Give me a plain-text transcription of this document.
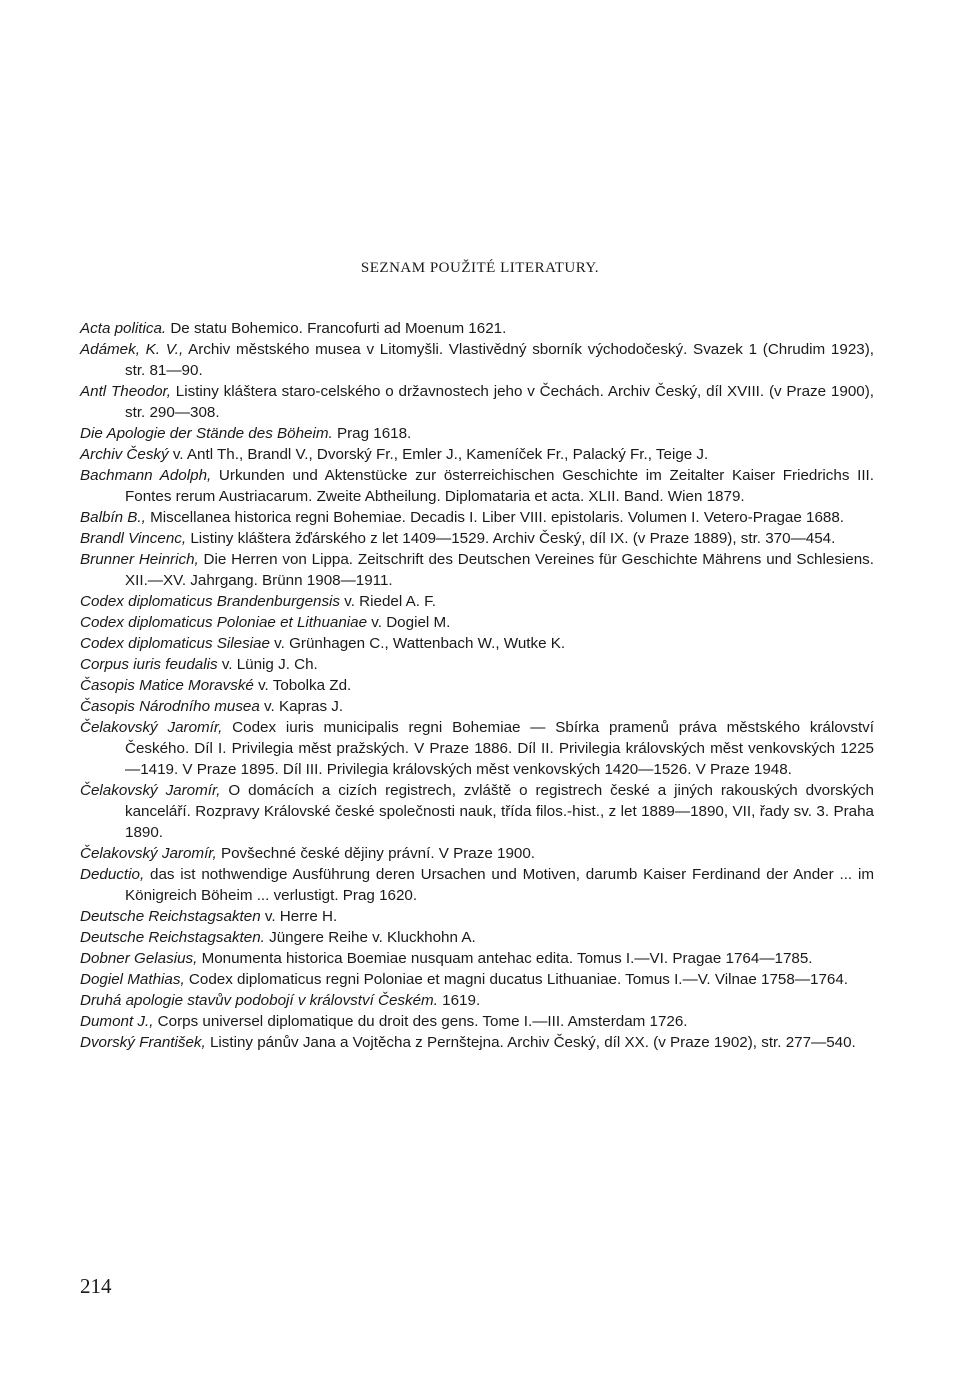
SEZNAM POUŽITÉ LITERATURY.

Acta politica. De statu Bohemico. Francofurti ad Moenum 1621.

Adámek, K. V., Archiv městského musea v Litomyšli. Vlastivědný sborník východočeský. Svazek 1 (Chrudim 1923), str. 81—90.

Antl Theodor, Listiny kláštera staro-celského o državnostech jeho v Čechách. Archiv Český, díl XVIII. (v Praze 1900), str. 290—308.

Die Apologie der Stände des Böheim. Prag 1618.

Archiv Český v. Antl Th., Brandl V., Dvorský Fr., Emler J., Kameníček Fr., Palacký Fr., Teige J.

Bachmann Adolph, Urkunden und Aktenstücke zur österreichischen Geschichte im Zeitalter Kaiser Friedrichs III. Fontes rerum Austriacarum. Zweite Abtheilung. Diplomataria et acta. XLII. Band. Wien 1879.

Balbín B., Miscellanea historica regni Bohemiae. Decadis I. Liber VIII. epistolaris. Volumen I. Vetero-Pragae 1688.

Brandl Vincenc, Listiny kláštera žďárského z let 1409—1529. Archiv Český, díl IX. (v Praze 1889), str. 370—454.

Brunner Heinrich, Die Herren von Lippa. Zeitschrift des Deutschen Vereines für Geschichte Mährens und Schlesiens. XII.—XV. Jahrgang. Brünn 1908—1911.

Codex diplomaticus Brandenburgensis v. Riedel A. F.

Codex diplomaticus Poloniae et Lithuaniae v. Dogiel M.

Codex diplomaticus Silesiae v. Grünhagen C., Wattenbach W., Wutke K.

Corpus iuris feudalis v. Lünig J. Ch.

Časopis Matice Moravské v. Tobolka Zd.

Časopis Národního musea v. Kapras J.

Čelakovský Jaromír, Codex iuris municipalis regni Bohemiae — Sbírka pramenů práva městského království Českého. Díl I. Privilegia měst pražských. V Praze 1886. Díl II. Privilegia královských měst venkovských 1225—1419. V Praze 1895. Díl III. Privilegia královských měst venkovských 1420—1526. V Praze 1948.

Čelakovský Jaromír, O domácích a cizích registrech, zvláště o registrech české a jiných rakouských dvorských kanceláří. Rozpravy Královské české společnosti nauk, třída filos.-hist., z let 1889—1890, VII, řady sv. 3. Praha 1890.

Čelakovský Jaromír, Povšechné české dějiny právní. V Praze 1900.

Deductio, das ist nothwendige Ausführung deren Ursachen und Motiven, darumb Kaiser Ferdinand der Ander ... im Königreich Böheim ... verlustigt. Prag 1620.

Deutsche Reichstagsakten v. Herre H.

Deutsche Reichstagsakten. Jüngere Reihe v. Kluckhohn A.

Dobner Gelasius, Monumenta historica Boemiae nusquam antehac edita. Tomus I.—VI. Pragae 1764—1785.

Dogiel Mathias, Codex diplomaticus regni Poloniae et magni ducatus Lithuaniae. Tomus I.—V. Vilnae 1758—1764.

Druhá apologie stavův podobojí v království Českém. 1619.

Dumont J., Corps universel diplomatique du droit des gens. Tome I.—III. Amsterdam 1726.

Dvorský František, Listiny pánův Jana a Vojtěcha z Pernštejna. Archiv Český, díl XX. (v Praze 1902), str. 277—540.

214
